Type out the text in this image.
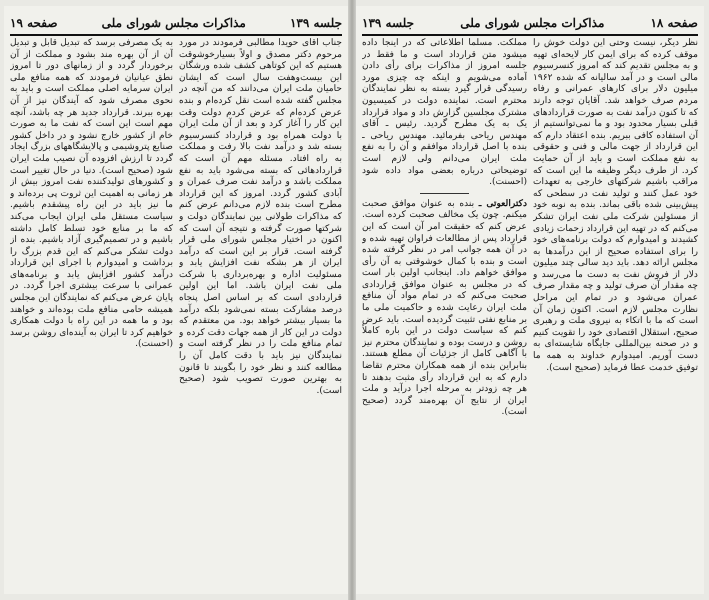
جلسه ١٣٩
مذاکرات مجلس شورای ملی
صفحه ١٩

جناب آقای حویدا مطالبی فرمودند در مورد مرحوم دکتر مصدق و اولاً بسیارخوشوقت هستیم که این کوتاهی کشف شده ورشگان این بیست‌وهفت سال است که ایشان حامیان ملت ایران می‌دانند که من آنچه در مجلس گفته شده است نقل کرده‌ام و بنده عرض کرده‌ام که عرض کردم دولت وقت این کار را آغاز کرد و بعد از آن ملت ایران با دولت همراه بود و قرارداد کنسرسیوم بسته شد و درآمد نفت بالا رفت و مملکت به راه افتاد. مسئله مهم آن است که قراردادهائی که بسته می‌شود باید به نفع مملکت باشد و درآمد نفت صرف عمران و آبادی کشور گردد. امروز که این قرارداد مطرح است بنده لازم می‌دانم عرض کنم که مذاکرات طولانی بین نمایندگان دولت و شرکتها صورت گرفته و نتیجه آن است که اکنون در اختیار مجلس شورای ملی قرار گرفته است. قرار بر این است که درآمد ایران از هر بشکه نفت افزایش یابد و مسئولیت اداره و بهره‌برداری با شرکت ملی نفت ایران باشد. اما این اولین قراردادی است که بر اساس اصل پنجاه درصد مشارکت بسته نمی‌شود بلکه درآمد ما بسیار بیشتر خواهد بود. من معتقدم که دولت در این کار از همه جهات دقت کرده و تمام منافع ملت را در نظر گرفته است و نمایندگان نیز باید با دقت کامل آن را مطالعه کنند و نظر خود را بگویند تا قانون به بهترین صورت تصویب شود (صحیح است).

به یک مصرفی برسد که تبدیل قابل و تبدیل آن از آن بهره مند بشود و مملکت از آن برخوردار گردد و از زمانهای دور تا امروز نطق عیانیان فرمودند که همه منافع ملی ایران سرمایه اصلی مملکت است و باید به نحوی مصرف شود که آیندگان نیز از آن بهره ببرند. قرارداد جدید هر چه باشد، آنچه مهم است این است که نفت ما به صورت خام از کشور خارج نشود و در داخل کشور صنایع پتروشیمی و پالایشگاههای بزرگ ایجاد گردد تا ارزش افزوده آن نصیب ملت ایران شود (صحیح است). دنیا در حال تغییر است و کشورهای تولیدکننده نفت امروز بیش از هر زمانی به اهمیت این ثروت پی برده‌اند و ما نیز باید در این راه پیشقدم باشیم. سیاست مستقل ملی ایران ایجاب می‌کند که ما بر منابع خود تسلط کامل داشته باشیم و در تصمیم‌گیری آزاد باشیم. بنده از دولت تشکر می‌کنم که این قدم بزرگ را برداشت و امیدوارم با اجرای این قرارداد درآمد کشور افزایش یابد و برنامه‌های عمرانی با سرعت بیشتری اجرا گردد. در پایان عرض می‌کنم که نمایندگان این مجلس همیشه حامی منافع ملت بوده‌اند و خواهند بود و ما همه در این راه با دولت همکاری خواهیم کرد تا ایران به آینده‌ای روشن برسد (احسنت).

صفحه ١٨
مذاکرات مجلس شورای ملی
جلسه ١٣٩

نظر دیگر، نیست وحتی این دولت خوش را موقف کرده که برای ایمن کار لایحه‌ای تهیه و به مجلس تقدیم کند که امروز کنسرسیوم مالی است و در آمد سالیانه که شده ١٩۶٢ میلیون دلار برای کارهای عمرانی و رفاه مردم صرف خواهد شد. آقایان توجه دارند که تا کنون درآمد نفت به صورت قراردادهای قبلی بسیار محدود بود و ما نمی‌توانستیم از آن استفاده کافی ببریم. بنده اعتقاد دارم که این قرارداد از جهت مالی و فنی و حقوقی به نفع مملکت است و باید از آن حمایت کرد. از طرف دیگر وظیفه ما این است که مراقب باشیم شرکتهای خارجی به تعهدات خود عمل کنند و تولید نفت در سطحی که پیش‌بینی شده باقی بماند. بنده به نوبه خود از مسئولین شرکت ملی نفت ایران تشکر می‌کنم که در تهیه این قرارداد زحمات زیادی کشیدند و امیدوارم که دولت برنامه‌های خود را برای استفاده صحیح از این درآمدها به مجلس ارائه دهد. باید دید سالی چند میلیون دلار از فروش نفت به دست ما می‌رسد و چه مقدار آن صرف تولید و چه مقدار صرف عمران می‌شود و در تمام این مراحل نظارت مجلس لازم است. اکنون زمان آن است که ما با اتکاء به نیروی ملت و رهبری صحیح، استقلال اقتصادی خود را تقویت کنیم و در صحنه بین‌المللی جایگاه شایسته‌ای به دست آوریم. امیدوارم خداوند به همه ما توفیق خدمت عطا فرماید (صحیح است).

مملکت. مسلماً اطلاعاتی که در اینجا داده میشود متن قرارداد است و ما فقط در جلسه امروز از مذاکرات برای رأی دادن آماده می‌شویم و اینکه چه چیزی مورد رسیدگی قرار گیرد بسته به نظر نمایندگان محترم است. نماینده دولت در کمیسیون مشترک مجلسین گزارش داد و مواد قرارداد یک به یک مطرح گردید. رئیس ـ آقای مهندس ریاحی بفرمائید. مهندس ریاحی ـ بنده با اصل قرارداد موافقم و آن را به نفع ملت ایران می‌دانم ولی لازم است توضیحاتی درباره بعضی مواد داده شود (احسنت).

دکترالعوتی ـ بنده به عنوان موافق صحبت میکنم. چون یک مخالف صحبت کرده است. عرض کنم که حقیقت امر آن است که این قرارداد پس از مطالعات فراوان تهیه شده و در آن همه جوانب امر در نظر گرفته شده است و بنده با کمال خوشوقتی به آن رأی موافق خواهم داد. اینجانب اولین بار است که در مجلس به عنوان موافق قراردادی صحبت می‌کنم که در تمام مواد آن منافع ملت ایران رعایت شده و حاکمیت ملی ما بر منابع نفتی تثبیت گردیده است. باید عرض کنم که سیاست دولت در این باره کاملاً روشن و درست بوده و نمایندگان محترم نیز با آگاهی کامل از جزئیات آن مطلع هستند. بنابراین بنده از همه همکاران محترم تقاضا دارم که به این قرارداد رأی مثبت بدهند تا هر چه زودتر به مرحله اجرا درآید و ملت ایران از نتایج آن بهره‌مند گردد (صحیح است).
